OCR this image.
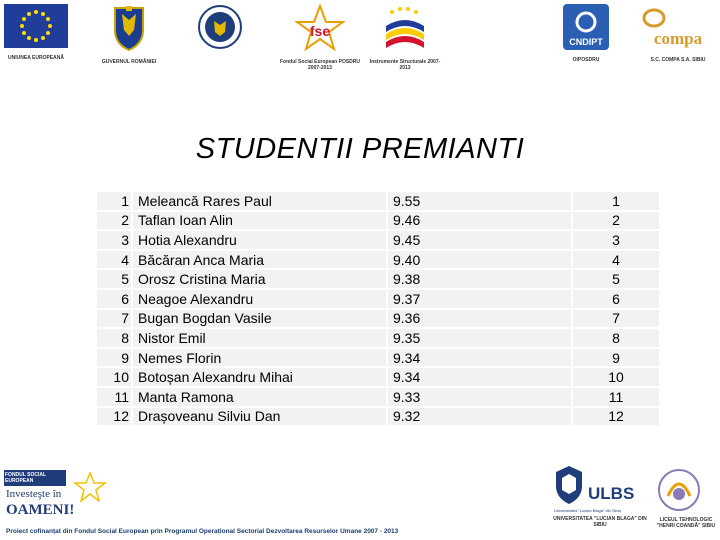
UNIUNEA EUROPEANĂ
GUVERNUL ROMÂNIEI
fse
Fondul Social European POSDRU 2007-2013
Instrumente Structurale 2007-2013
CNDIPT
OIPOSDRU
compa
S.C. COMPA S.A. SIBIU
STUDENTII PREMIANTI
1	Meleancă Rares Paul	9.55	1
2	Taflan Ioan Alin	9.46	2
3	Hotia Alexandru	9.45	3
4	Băcăran Anca Maria	9.40	4
5	Orosz Cristina Maria	9.38	5
6	Neagoe Alexandru	9.37	6
7	Bugan Bogdan Vasile	9.36	7
8	Nistor Emil	9.35	8
9	Nemes Florin	9.34	9
10	Botoșan Alexandru Mihai	9.34	10
11	Manta Ramona	9.33	11
12	Drașoveanu Silviu Dan	9.32	12
FONDUL SOCIAL EUROPEAN
Investeşte în
OAMENI!
ULBS
Universitatea "Lucian Blaga" din Sibiu
UNIVERSITATEA "LUCIAN BLAGA" DIN SIBIU
LICEUL TEHNOLOGIC "HENRI COANDĂ" SIBIU
Proiect cofinanțat din Fondul Social European prin Programul Operațional Sectorial Dezvoltarea Resurselor Umane 2007 - 2013
